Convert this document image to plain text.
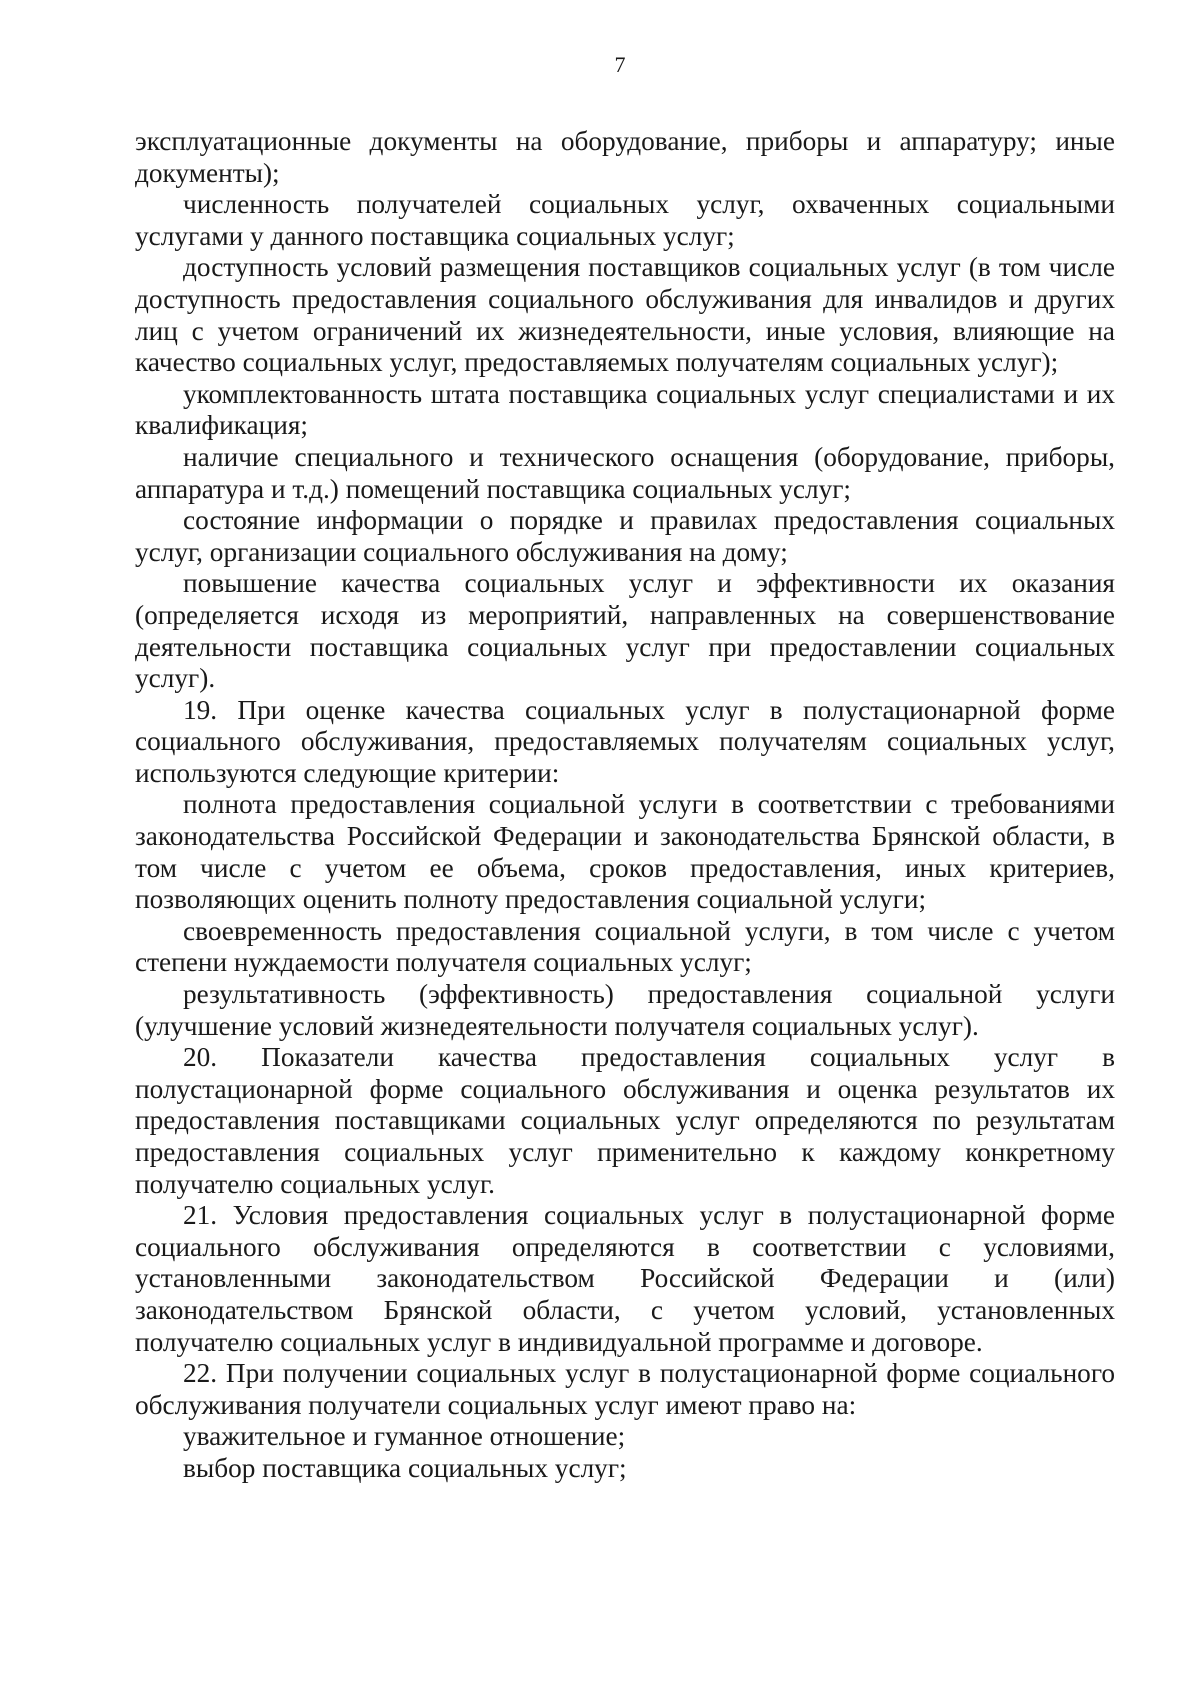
7

эксплуатационные документы на оборудование, приборы и аппаратуру; иные документы);

численность получателей социальных услуг, охваченных социальными услугами у данного поставщика социальных услуг;

доступность условий размещения поставщиков социальных услуг (в том числе доступность предоставления социального обслуживания для инвалидов и других лиц с учетом ограничений их жизнедеятельности, иные условия, влияющие на качество социальных услуг, предоставляемых получателям социальных услуг);

укомплектованность штата поставщика социальных услуг специалистами и их квалификация;

наличие специального и технического оснащения (оборудование, приборы, аппаратура и т.д.) помещений поставщика социальных услуг;

состояние информации о порядке и правилах предоставления социальных услуг, организации социального обслуживания на дому;

повышение качества социальных услуг и эффективности их оказания (определяется исходя из мероприятий, направленных на совершенствование деятельности поставщика социальных услуг при предоставлении социальных услуг).

19. При оценке качества социальных услуг в полустационарной форме социального обслуживания, предоставляемых получателям социальных услуг, используются следующие критерии:

полнота предоставления социальной услуги в соответствии с требованиями законодательства Российской Федерации и законодательства Брянской области, в том числе с учетом ее объема, сроков предоставления, иных критериев, позволяющих оценить полноту предоставления социальной услуги;

своевременность предоставления социальной услуги, в том числе с учетом степени нуждаемости получателя социальных услуг;

результативность (эффективность) предоставления социальной услуги (улучшение условий жизнедеятельности получателя социальных услуг).

20. Показатели качества предоставления социальных услуг в полустационарной форме социального обслуживания и оценка результатов их предоставления поставщиками социальных услуг определяются по результатам предоставления социальных услуг применительно к каждому конкретному получателю социальных услуг.

21. Условия предоставления социальных услуг в полустационарной форме социального обслуживания определяются в соответствии с условиями, установленными законодательством Российской Федерации и (или) законодательством Брянской области, с учетом условий, установленных получателю социальных услуг в индивидуальной программе и договоре.

22. При получении социальных услуг в полустационарной форме социального обслуживания получатели социальных услуг имеют право на:

уважительное и гуманное отношение;

выбор поставщика социальных услуг;
